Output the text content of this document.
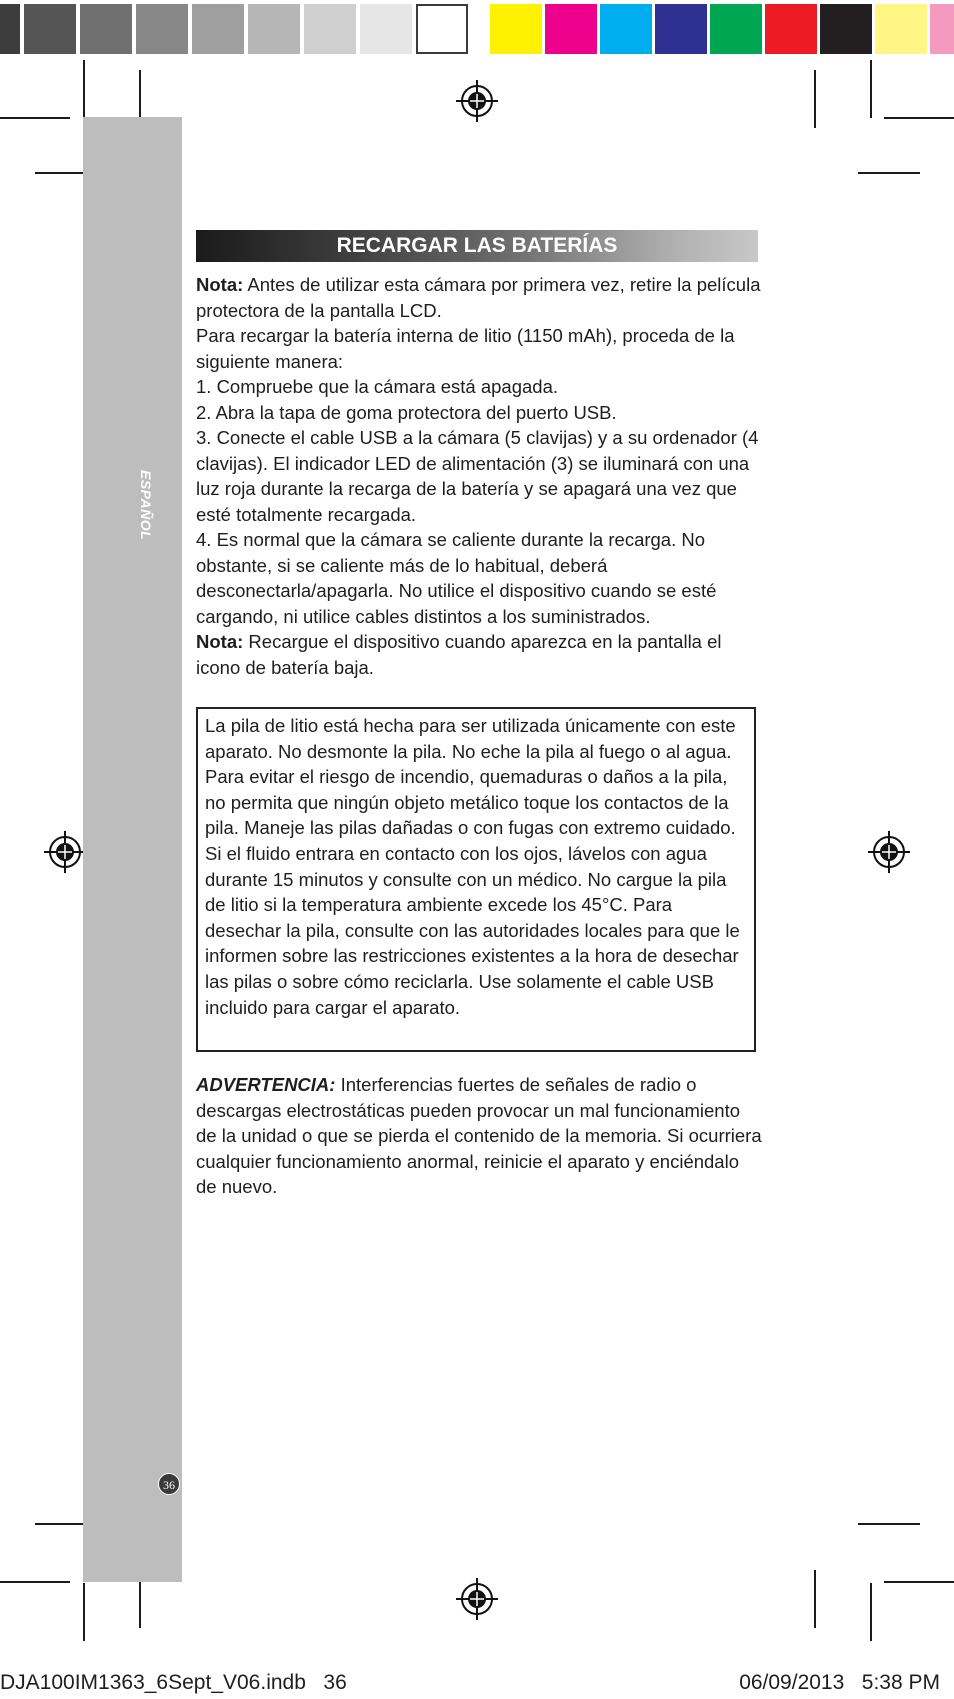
ESPAÑOL
36
RECARGAR LAS BATERÍAS

Nota: Antes de utilizar esta cámara por primera vez, retire la película protectora de la pantalla LCD.

Para recargar la batería interna de litio (1150 mAh), proceda de la siguiente manera:

1. Compruebe que la cámara está apagada.

2. Abra la tapa de goma protectora del puerto USB.

3. Conecte el cable USB a la cámara (5 clavijas) y a su ordenador (4 clavijas). El indicador LED de alimentación (3) se iluminará con una luz roja durante la recarga de la batería y se apagará una vez que esté totalmente recargada.

4. Es normal que la cámara se caliente durante la recarga. No obstante, si se caliente más de lo habitual, deberá desconectarla/apagarla. No utilice el dispositivo cuando se esté cargando, ni utilice cables distintos a los suministrados.

Nota: Recargue el dispositivo cuando aparezca en la pantalla el icono de batería baja.

La pila de litio está hecha para ser utilizada únicamente con este aparato. No desmonte la pila. No eche la pila al fuego o al agua. Para evitar el riesgo de incendio, quemaduras o daños a la pila, no permita que ningún objeto metálico toque los contactos de la pila. Maneje las pilas dañadas o con fugas con extremo cuidado. Si el fluido entrara en contacto con los ojos, lávelos con agua durante 15 minutos y consulte con un médico. No cargue la pila de litio si la temperatura ambiente excede los 45°C. Para desechar la pila, consulte con las autoridades locales para que le informen sobre las restricciones existentes a la hora de desechar las pilas o sobre cómo reciclarla. Use solamente el cable USB incluido para cargar el aparato.
ADVERTENCIA: Interferencias fuertes de señales de radio o descargas electrostáticas pueden provocar un mal funcionamiento de la unidad o que se pierda el contenido de la memoria. Si ocurriera cualquier funcionamiento anormal, reinicie el aparato y enciéndalo de nuevo.
DJA100IM1363_6Sept_V06.indb   36	06/09/2013   5:38 PM
